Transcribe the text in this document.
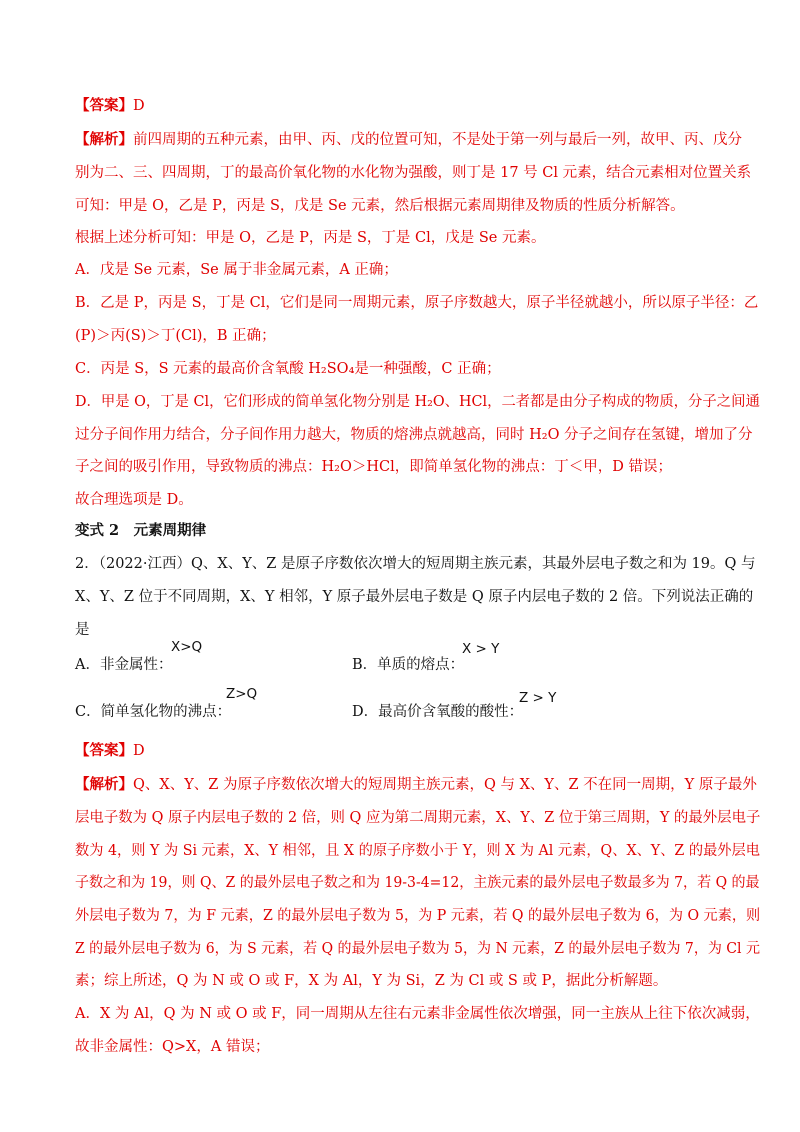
【答案】D
【解析】前四周期的五种元素，由甲、丙、戊的位置可知，不是处于第一列与最后一列，故甲、丙、戊分
别为二、三、四周期，丁的最高价氧化物的水化物为强酸，则丁是 17 号 Cl 元素，结合元素相对位置关系
可知：甲是 O，乙是 P，丙是 S，戊是 Se 元素，然后根据元素周期律及物质的性质分析解答。
根据上述分析可知：甲是 O，乙是 P，丙是 S，丁是 Cl，戊是 Se 元素。
A．戊是 Se 元素，Se 属于非金属元素，A 正确；
B．乙是 P，丙是 S，丁是 Cl，它们是同一周期元素，原子序数越大，原子半径就越小，所以原子半径：乙
(P)＞丙(S)＞丁(Cl)，B 正确；
C．丙是 S，S 元素的最高价含氧酸 H₂SO₄是一种强酸，C 正确；
D．甲是 O，丁是 Cl，它们形成的简单氢化物分别是 H₂O、HCl，二者都是由分子构成的物质，分子之间通
过分子间作用力结合，分子间作用力越大，物质的熔沸点就越高，同时 H₂O 分子之间存在氢键，增加了分
子之间的吸引作用，导致物质的沸点：H₂O＞HCl，即简单氢化物的沸点：丁＜甲，D 错误；
故合理选项是 D。
变式 2　元素周期律
2．（2022·江西）Q、X、Y、Z 是原子序数依次增大的短周期主族元素，其最外层电子数之和为 19。Q 与
X、Y、Z 位于不同周期，X、Y 相邻，Y 原子最外层电子数是 Q 原子内层电子数的 2 倍。下列说法正确的
是
A．非金属性：
X>Q
B．单质的熔点：
X > Y
C．简单氢化物的沸点：
Z>Q
D．最高价含氧酸的酸性：
Z > Y
【答案】D
【解析】Q、X、Y、Z 为原子序数依次增大的短周期主族元素，Q 与 X、Y、Z 不在同一周期，Y 原子最外
层电子数为 Q 原子内层电子数的 2 倍，则 Q 应为第二周期元素，X、Y、Z 位于第三周期，Y 的最外层电子
数为 4，则 Y 为 Si 元素，X、Y 相邻，且 X 的原子序数小于 Y，则 X 为 Al 元素，Q、X、Y、Z 的最外层电
子数之和为 19，则 Q、Z 的最外层电子数之和为 19-3-4=12，主族元素的最外层电子数最多为 7，若 Q 的最
外层电子数为 7，为 F 元素，Z 的最外层电子数为 5，为 P 元素，若 Q 的最外层电子数为 6，为 O 元素，则
Z 的最外层电子数为 6，为 S 元素，若 Q 的最外层电子数为 5，为 N 元素，Z 的最外层电子数为 7，为 Cl 元
素；综上所述，Q 为 N 或 O 或 F，X 为 Al，Y 为 Si，Z 为 Cl 或 S 或 P，据此分析解题。
A．X 为 Al，Q 为 N 或 O 或 F，同一周期从左往右元素非金属性依次增强，同一主族从上往下依次减弱，
故非金属性：Q>X，A 错误；
